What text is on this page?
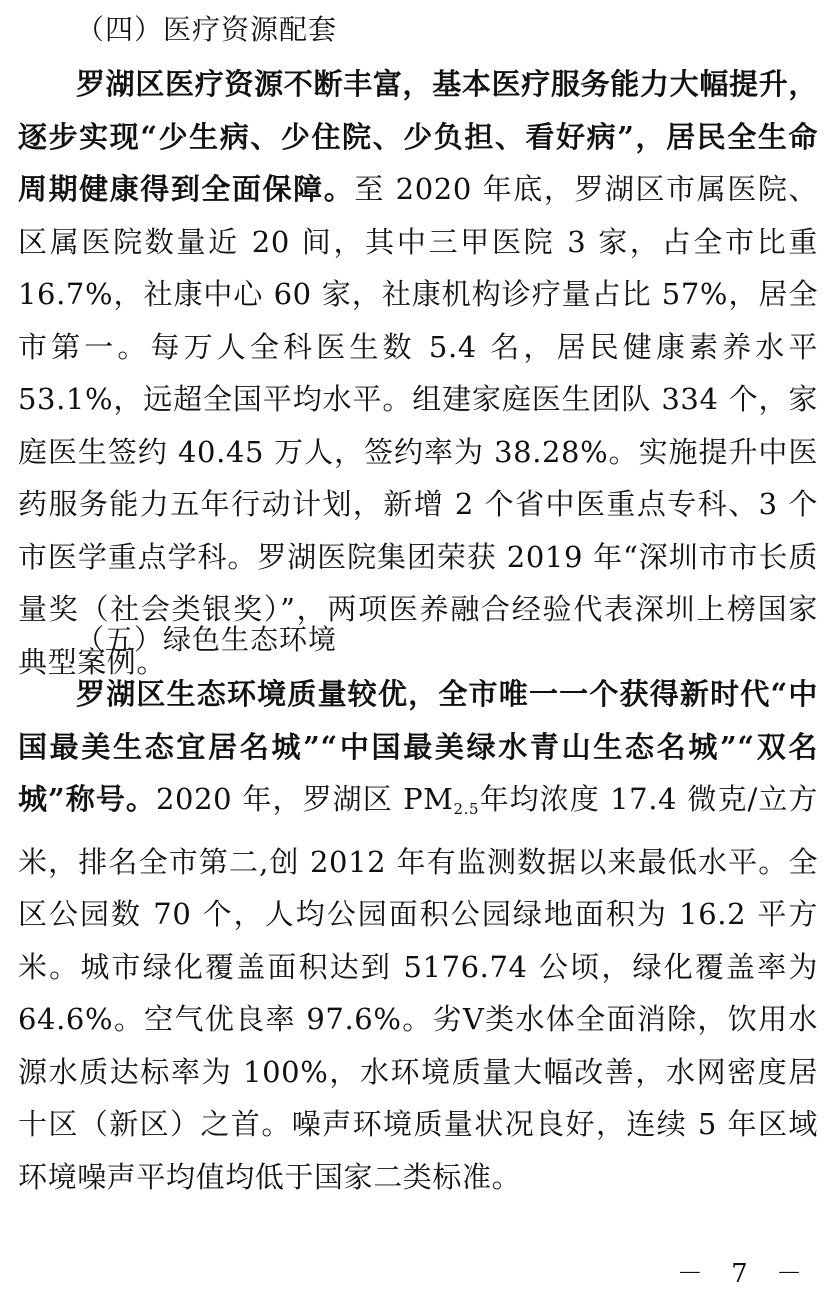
（四）医疗资源配套

罗湖区医疗资源不断丰富，基本医疗服务能力大幅提升，逐步实现“少生病、少住院、少负担、看好病”，居民全生命周期健康得到全面保障。至 2020 年底，罗湖区市属医院、区属医院数量近 20 间，其中三甲医院 3 家，占全市比重 16.7%，社康中心 60 家，社康机构诊疗量占比 57%，居全市第一。每万人全科医生数 5.4 名，居民健康素养水平 53.1%，远超全国平均水平。组建家庭医生团队 334 个，家庭医生签约 40.45 万人，签约率为 38.28%。实施提升中医药服务能力五年行动计划，新增 2 个省中医重点专科、3 个市医学重点学科。罗湖医院集团荣获 2019 年“深圳市市长质量奖（社会类银奖）”，两项医养融合经验代表深圳上榜国家典型案例。

（五）绿色生态环境

罗湖区生态环境质量较优，全市唯一一个获得新时代“中国最美生态宜居名城”“中国最美绿水青山生态名城”“双名城”称号。2020 年，罗湖区 $PM_{2.5}$年均浓度 17.4 微克/立方米，排名全市第二,创 2012 年有监测数据以来最低水平。全区公园数 70 个，人均公园面积公园绿地面积为 16.2 平方米。城市绿化覆盖面积达到 5176.74 公顷，绿化覆盖率为 64.6%。空气优良率 97.6%。劣Ⅴ类水体全面消除，饮用水源水质达标率为 100%，水环境质量大幅改善，水网密度居十区（新区）之首。噪声环境质量状况良好，连续 5 年区域环境噪声平均值均低于国家二类标准。

－ 7 －
